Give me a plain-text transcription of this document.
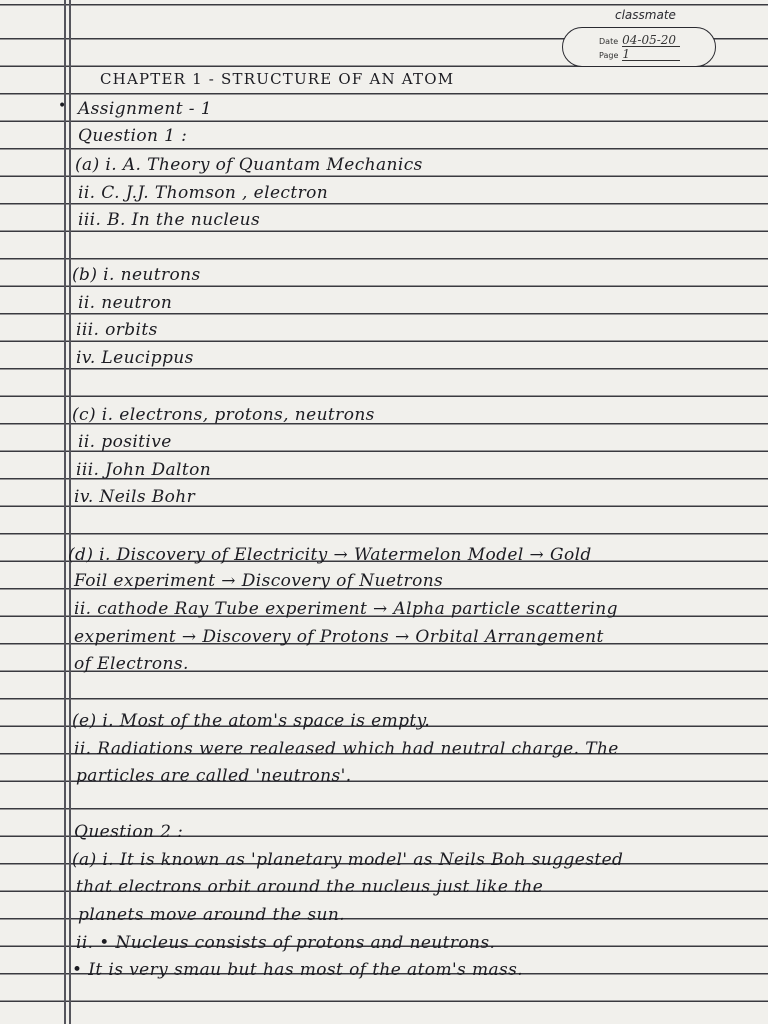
classmate
Date 04-05-20
Page 1
CHAPTER 1 - STRUCTURE OF AN ATOM
• Assignment - 1
Question 1 :
(a) i. A. Theory of Quantam Mechanics
ii. C. J.J. Thomson , electron
iii. B. In the nucleus
(b) i. neutrons
ii. neutron
iii. orbits
iv. Leucippus
(c) i. electrons, protons, neutrons
ii. positive
iii. John Dalton
iv. Neils Bohr
(d) i. Discovery of Electricity → Watermelon Model → Gold
Foil experiment → Discovery of Nuetrons
ii. cathode Ray Tube experiment → Alpha particle scattering
experiment → Discovery of Protons → Orbital Arrangement
of Electrons.
(e) i. Most of the atom's space is empty.
ii. Radiations were realeased which had neutral charge. The
particles are called 'neutrons'.
Question 2 :
(a) i. It is known as 'planetary model' as Neils Boh suggested
that electrons orbit around the nucleus just like the
planets move around the sun.
ii. • Nucleus consists of protons and neutrons.
• It is very smau but has most of the atom's mass.
